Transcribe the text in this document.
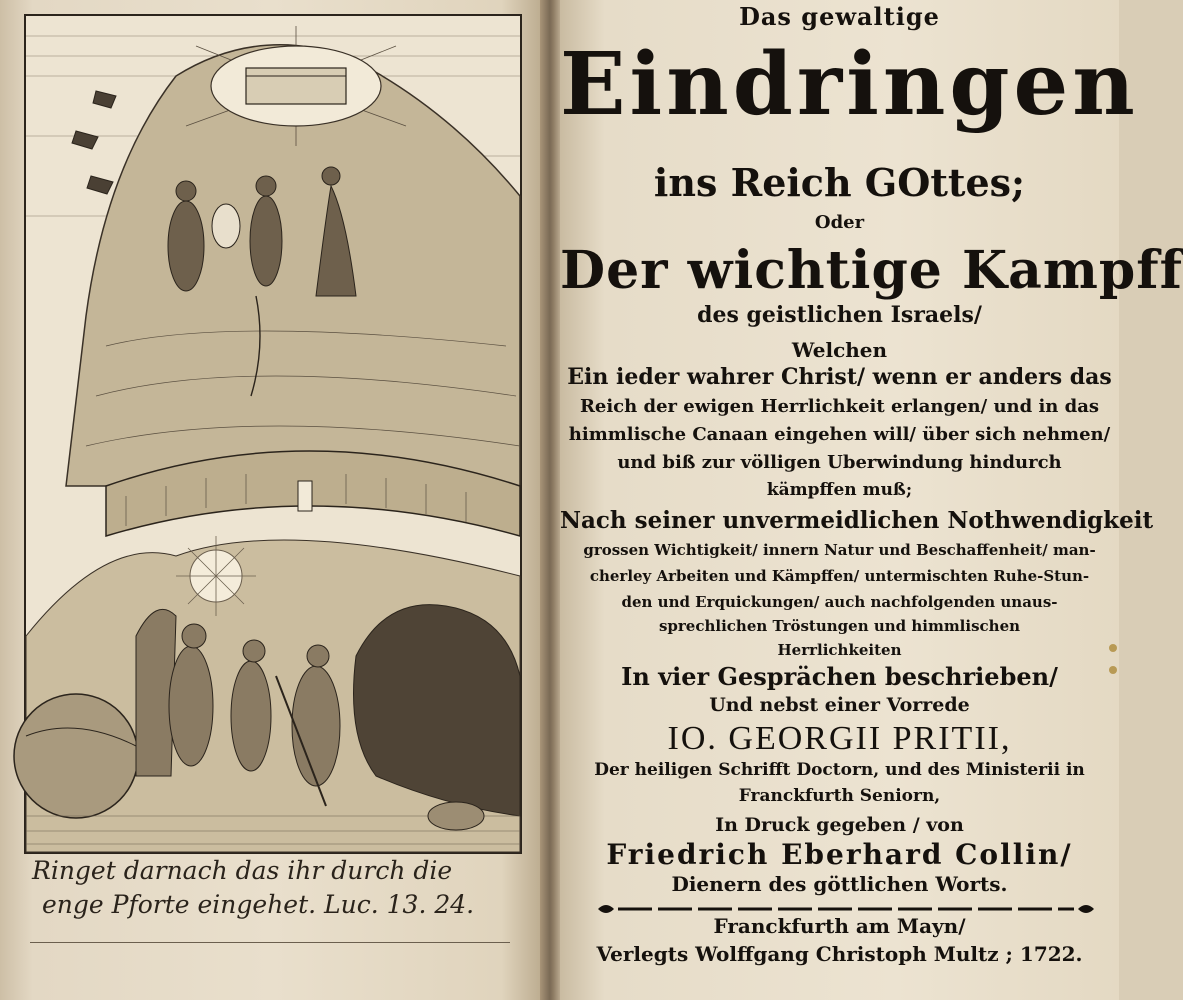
Ringet darnach das ihr durch die
enge Pforte eingehet. Luc. 13. 24.
Das gewaltige
Eindringen
ins Reich GOttes;
Oder
Der wichtige Kampff
des geistlichen Israels/
Welchen
Ein ieder wahrer Christ/ wenn er anders das
Reich der ewigen Herrlichkeit erlangen/ und in das
himmlische Canaan eingehen will/ über sich nehmen/
und biß zur völligen Uberwindung hindurch
kämpffen muß;
Nach seiner unvermeidlichen Nothwendigkeit
grossen Wichtigkeit/ innern Natur und Beschaffenheit/ man-
cherley Arbeiten und Kämpffen/ untermischten Ruhe-Stun-
den und Erquickungen/ auch nachfolgenden unaus-
sprechlichen Tröstungen und himmlischen
Herrlichkeiten
In vier Gesprächen beschrieben/
Und nebst einer Vorrede
IO. GEORGII PRITII,
Der heiligen Schrifft Doctorn, und des Ministerii in
Franckfurth Seniorn,
In Druck gegeben / von
Friedrich Eberhard Collin/
Dienern des göttlichen Worts.
Franckfurth am Mayn/
Verlegts Wolffgang Christoph Multz ; 1722.
